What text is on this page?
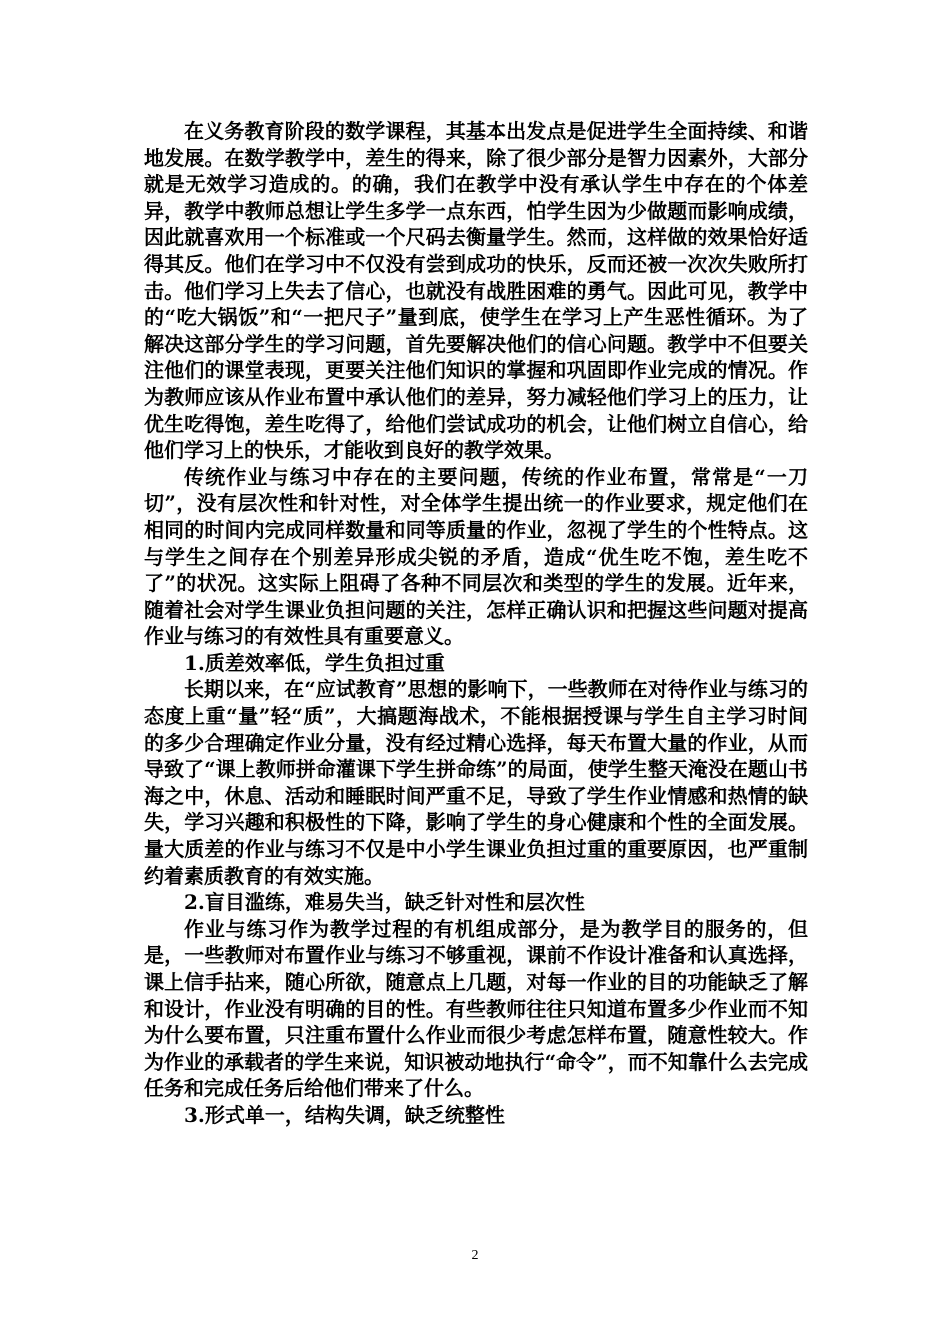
在义务教育阶段的数学课程，其基本出发点是促进学生全面持续、和谐地发展。在数学教学中，差生的得来，除了很少部分是智力因素外，大部分就是无效学习造成的。的确，我们在教学中没有承认学生中存在的个体差异，教学中教师总想让学生多学一点东西，怕学生因为少做题而影响成绩，因此就喜欢用一个标准或一个尺码去衡量学生。然而，这样做的效果恰好适得其反。他们在学习中不仅没有尝到成功的快乐，反而还被一次次失败所打击。他们学习上失去了信心，也就没有战胜困难的勇气。因此可见，教学中的“吃大锅饭”和“一把尺子”量到底，使学生在学习上产生恶性循环。为了解决这部分学生的学习问题，首先要解决他们的信心问题。教学中不但要关注他们的课堂表现，更要关注他们知识的掌握和巩固即作业完成的情况。作为教师应该从作业布置中承认他们的差异，努力减轻他们学习上的压力，让优生吃得饱，差生吃得了，给他们尝试成功的机会，让他们树立自信心，给他们学习上的快乐，才能收到良好的教学效果。

传统作业与练习中存在的主要问题，传统的作业布置，常常是“一刀切”，没有层次性和针对性，对全体学生提出统一的作业要求，规定他们在相同的时间内完成同样数量和同等质量的作业，忽视了学生的个性特点。这与学生之间存在个别差异形成尖锐的矛盾，造成“优生吃不饱，差生吃不了”的状况。这实际上阻碍了各种不同层次和类型的学生的发展。近年来，随着社会对学生课业负担问题的关注，怎样正确认识和把握这些问题对提高作业与练习的有效性具有重要意义。

1.质差效率低，学生负担过重

长期以来，在“应试教育”思想的影响下，一些教师在对待作业与练习的态度上重“量”轻“质”，大搞题海战术，不能根据授课与学生自主学习时间的多少合理确定作业分量，没有经过精心选择，每天布置大量的作业，从而导致了“课上教师拼命灌课下学生拼命练”的局面，使学生整天淹没在题山书海之中，休息、活动和睡眠时间严重不足，导致了学生作业情感和热情的缺失，学习兴趣和积极性的下降，影响了学生的身心健康和个性的全面发展。量大质差的作业与练习不仅是中小学生课业负担过重的重要原因，也严重制约着素质教育的有效实施。

2.盲目滥练，难易失当，缺乏针对性和层次性

作业与练习作为教学过程的有机组成部分，是为教学目的服务的，但是，一些教师对布置作业与练习不够重视，课前不作设计准备和认真选择，课上信手拈来，随心所欲，随意点上几题，对每一作业的目的功能缺乏了解和设计，作业没有明确的目的性。有些教师往往只知道布置多少作业而不知为什么要布置，只注重布置什么作业而很少考虑怎样布置，随意性较大。作为作业的承载者的学生来说，知识被动地执行“命令”，而不知靠什么去完成任务和完成任务后给他们带来了什么。

3.形式单一，结构失调，缺乏统整性

2
